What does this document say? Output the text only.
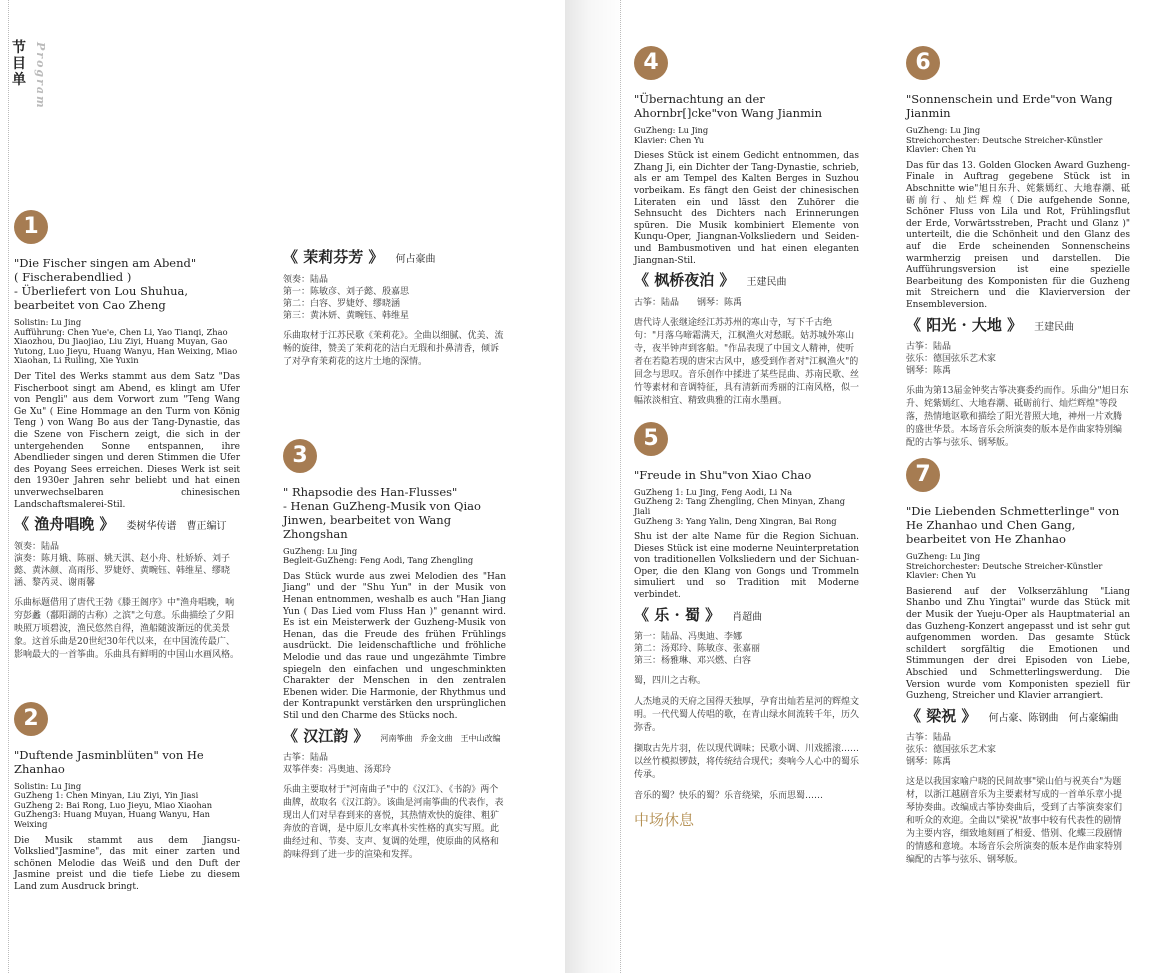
节目单 Program
1
"Die Fischer singen am Abend"
( Fischerabendlied )
- Überliefert von Lou Shuhua, bearbeitet von Cao Zheng
Solistin: Lu Jing
Aufführung: Chen Yue'e, Chen Li, Yao Tianqi, Zhao Xiaozhou, Du Jiaojiao, Liu Ziyi, Huang Muyan, Gao Yutong, Luo Jieyu, Huang Wanyu, Han Weixing, Miao Xiaohan, Li Ruiling, Xie Yuxin
Der Titel des Werks stammt aus dem Satz "Das Fischerboot singt am Abend, es klingt am Ufer von Pengli" aus dem Vorwort zum "Teng Wang Ge Xu" ( Eine Hommage an den Turm von König Teng ) von Wang Bo aus der Tang-Dynastie, das die Szene von Fischern zeigt, die sich in der untergehenden Sonne entspannen, ihre Abendlieder singen und deren Stimmen die Ufer des Poyang Sees erreichen. Dieses Werk ist seit den 1930er Jahren sehr beliebt und hat einen unverwechselbaren chinesischen Landschaftsmalerei-Stil.
《 渔舟唱晚 》 娄树华传谱　曹正编订
领奏：陆晶
演奏：陈月娥、陈丽、姚天淇、赵小舟、杜娇娇、刘子懿、黄沐颜、高雨彤、罗婕妤、黄畹钰、韩维星、缪晓涵、黎芮灵、谢雨馨
乐曲标题借用了唐代王勃《滕王阁序》中"渔舟唱晚，响穷彭蠡（鄱阳湖的古称）之滨"之句意。乐曲描绘了夕阳映照万顷碧波，渔民悠然自得，渔船随波渐远的优美景象。这首乐曲是20世纪30年代以来，在中国流传最广、影响最大的一首筝曲。乐曲具有鲜明的中国山水画风格。
2
"Duftende Jasminblüten" von He Zhanhao
Solistin: Lu Jing
GuZheng 1: Chen Minyan, Liu Ziyi, Yin Jiasi
GuZheng 2: Bai Rong, Luo Jieyu, Miao Xiaohan
GuZheng3: Huang Muyan, Huang Wanyu, Han Weixing
Die Musik stammt aus dem Jiangsu-Volkslied"Jasmine", das mit einer zarten und schönen Melodie das Weiß und den Duft der Jasmine preist und die tiefe Liebe zu diesem Land zum Ausdruck bringt.
《 茉莉芬芳 》 何占豪曲
领奏：陆晶
第一：陈敏彦、刘子懿、殷嘉思
第二：白容、罗婕妤、缪晓涵
第三：黄沐妍、黄畹钰、韩维星
乐曲取材于江苏民歌《茉莉花》。全曲以细腻、优美、流畅的旋律，赞美了茉莉花的洁白无瑕和扑鼻清香，倾诉了对孕育茉莉花的这片土地的深情。
3
" Rhapsodie des Han-Flusses"
- Henan GuZheng-Musik von Qiao Jinwen, bearbeitet von Wang Zhongshan
GuZheng: Lu Jing
Begleit-GuZheng: Feng Aodi, Tang Zhengling
Das Stück wurde aus zwei Melodien des "Han Jiang" und der "Shu Yun" in der Musik von Henan entnommen, weshalb es auch "Han Jiang Yun ( Das Lied vom Fluss Han )" genannt wird. Es ist ein Meisterwerk der Guzheng-Musik von Henan, das die Freude des frühen Frühlings ausdrückt. Die leidenschaftliche und fröhliche Melodie und das raue und ungezähmte Timbre spiegeln den einfachen und ungeschminkten Charakter der Menschen in den zentralen Ebenen wider. Die Harmonie, der Rhythmus und der Kontrapunkt verstärken den ursprünglichen Stil und den Charme des Stücks noch.
《 汉江韵 》 河南筝曲　乔金文曲　王中山改编
古筝：陆晶
双筝伴奏：冯奥迪、汤郑玲
乐曲主要取材于"河南曲子"中的《汉江》、《书韵》两个曲牌，故取名《汉江韵》。该曲是河南筝曲的代表作，表现出人们对早春到来的喜悦，其热情欢快的旋律、粗犷奔放的音调，是中原儿女率真朴实性格的真实写照。此曲经过和、节奏、支声、复调的处理，使原曲的风格和韵味得到了进一步的渲染和发挥。
4
"Übernachtung an der Ahornbr[]cke"von Wang Jianmin
GuZheng: Lu Jing
Klavier: Chen Yu
Dieses Stück ist einem Gedicht entnommen, das Zhang Ji, ein Dichter der Tang-Dynastie, schrieb, als er am Tempel des Kalten Berges in Suzhou vorbeikam. Es fängt den Geist der chinesischen Literaten ein und lässt den Zuhörer die Sehnsucht des Dichters nach Erinnerungen spüren. Die Musik kombiniert Elemente von Kunqu-Oper, Jiangnan-Volksliedern und Seiden- und Bambusmotiven und hat einen eleganten Jiangnan-Stil.
《 枫桥夜泊 》 王建民曲
古筝：陆晶　　钢琴：陈禹
唐代诗人张继途经江苏苏州的寒山寺，写下千古绝句："月落乌啼霜满天，江枫渔火对愁眠。姑苏城外寒山寺，夜半钟声到客船。"作品表现了中国文人精神，使听者在若隐若现的唐宋古风中，感受到作者对"江枫渔火"的回念与思叹。音乐创作中揉进了某些昆曲、苏南民歌、丝竹等素材和音调特征，具有清新而秀丽的江南风格，似一幅浓淡相宜、精致典雅的江南水墨画。
5
"Freude in Shu"von Xiao Chao
GuZheng 1: Lu Jing, Feng Aodi, Li Na
GuZheng 2: Tang Zhengling, Chen Minyan, Zhang Jiali
GuZheng 3: Yang Yalin, Deng Xingran, Bai Rong
Shu ist der alte Name für die Region Sichuan. Dieses Stück ist eine moderne Neuinterpretation von traditionellen Volksliedern und der Sichuan-Oper, die den Klang von Gongs und Trommeln simuliert und so Tradition mit Moderne verbindet.
《 乐 · 蜀 》 肖超曲
第一：陆晶、冯奥迪、李娜
第二：汤郑玲、陈敏彦、张嘉丽
第三：杨雅琳、邓兴燃、白容
蜀，四川之古称。
人杰地灵的天府之国得天独厚，孕育出灿若星河的辉煌文明。一代代蜀人传唱的歌，在青山绿水间流转千年，历久弥香。
撷取古先片羽，佐以现代调味；民歌小调、川戏摇滚……以丝竹模拟锣鼓，将传统结合现代；奏响今人心中的蜀乐传承。
音乐的蜀？快乐的蜀？乐音绕梁，乐而思蜀……
中场休息
6
"Sonnenschein und Erde"von Wang Jianmin
GuZheng: Lu Jing
Streichorchester: Deutsche Streicher-Künstler
Klavier: Chen Yu
Das für das 13. Golden Glocken Award Guzheng-Finale in Auftrag gegebene Stück ist in Abschnitte wie"旭日东升、姹紫嫣红、大地春潮、砥砺前行、灿烂辉煌（Die aufgehende Sonne, Schöner Fluss von Lila und Rot, Frühlingsflut der Erde, Vorwärtsstreben, Pracht und Glanz )" unterteilt, die die Schönheit und den Glanz des auf die Erde scheinenden Sonnenscheins warmherzig preisen und darstellen. Die Aufführungsversion ist eine spezielle Bearbeitung des Komponisten für die Guzheng mit Streichern und die Klavierversion der Ensembleversion.
《 阳光 · 大地 》 王建民曲
古筝：陆晶
弦乐：德国弦乐艺术家
钢琴：陈禹
乐曲为第13届金钟奖古筝决赛委约而作。乐曲分"旭日东升、姹紫嫣红、大地春潮、砥砺前行、灿烂辉煌"等段落，热情地讴歌和描绘了阳光普照大地，神州一片欢腾的盛世华景。本场音乐会所演奏的版本是作曲家特别编配的古筝与弦乐、钢琴版。
7
"Die Liebenden Schmetterlinge" von He Zhanhao und Chen Gang, bearbeitet von He Zhanhao
GuZheng: Lu Jing
Streichorchester: Deutsche Streicher-Künstler
Klavier: Chen Yu
Basierend auf der Volkserzählung "Liang Shanbo und Zhu Yingtai" wurde das Stück mit der Musik der Yueju-Oper als Hauptmaterial an das Guzheng-Konzert angepasst und ist sehr gut aufgenommen worden. Das gesamte Stück schildert sorgfältig die Emotionen und Stimmungen der drei Episoden von Liebe, Abschied und Schmetterlingswerdung. Die Version wurde vom Komponisten speziell für Guzheng, Streicher und Klavier arrangiert.
《 梁祝 》 何占豪、陈钢曲　何占豪编曲
古筝：陆晶
弦乐：德国弦乐艺术家
钢琴：陈禹
这是以我国家喻户晓的民间故事"梁山伯与祝英台"为题材，以浙江越剧音乐为主要素材写成的一首单乐章小提琴协奏曲。改编成古筝协奏曲后，受到了古筝演奏家们和听众的欢迎。全曲以"梁祝"故事中较有代表性的剧情为主要内容，细致地刻画了相爱、惜别、化蝶三段剧情的情感和意境。本场音乐会所演奏的版本是作曲家特别编配的古筝与弦乐、钢琴版。
